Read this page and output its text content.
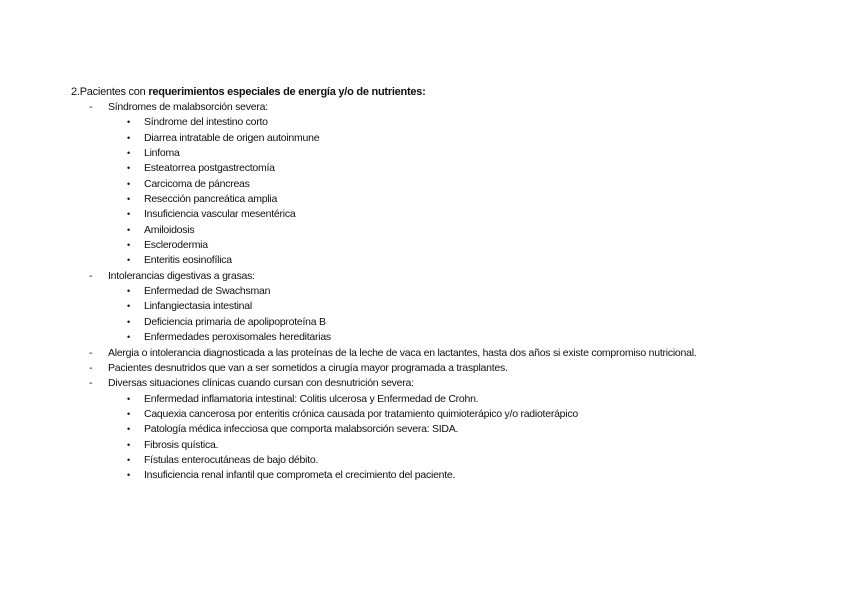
2.Pacientes con requerimientos especiales de energía y/o de nutrientes:
- Síndromes de malabsorción severa:
• Síndrome del intestino corto
• Diarrea intratable de origen autoinmune
• Linfoma
• Esteatorrea postgastrectomía
• Carcicoma de páncreas
• Resección pancreática amplia
• Insuficiencia vascular mesentérica
• Amiloidosis
• Esclerodermia
• Enteritis eosinofílica
- Intolerancias digestivas a grasas:
• Enfermedad de Swachsman
• Linfangiectasia intestinal
• Deficiencia primaria de apolipoproteína B
• Enfermedades peroxisomales hereditarias
- Alergia o intolerancia diagnosticada a las proteínas de la leche de vaca en lactantes, hasta dos años si existe compromiso nutricional.
- Pacientes desnutridos que van a ser sometidos a cirugía mayor programada a trasplantes.
- Diversas situaciones clínicas cuando cursan con desnutrición severa:
• Enfermedad inflamatoria intestinal: Colitis ulcerosa y Enfermedad de Crohn.
• Caquexia cancerosa por enteritis crónica causada por tratamiento quimioterápico y/o radioterápico
• Patología médica infecciosa que comporta malabsorción severa: SIDA.
• Fibrosis quística.
• Fístulas enterocutáneas de bajo débito.
• Insuficiencia renal infantil que comprometa el crecimiento del paciente.
